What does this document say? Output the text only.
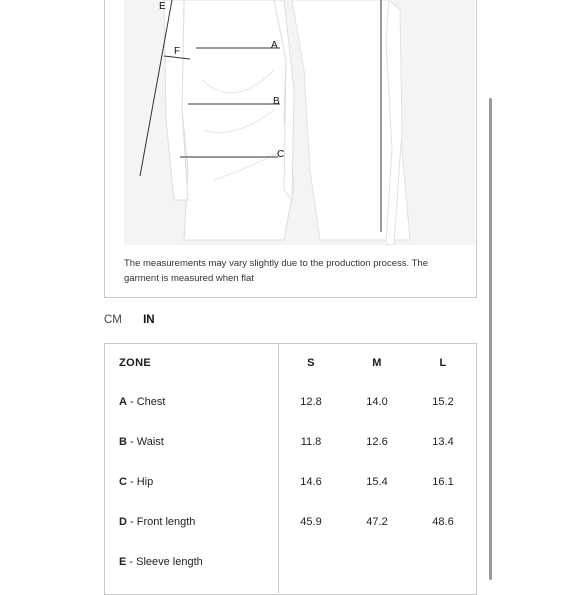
E
F
A
B
C
The measurements may vary slightly due to the production process. The garment is measured when flat
CM IN
ZONE	S	M	L
A - Chest	12.8	14.0	15.2
B - Waist	11.8	12.6	13.4
C - Hip	14.6	15.4	16.1
D - Front length	45.9	47.2	48.6
E - Sleeve length
